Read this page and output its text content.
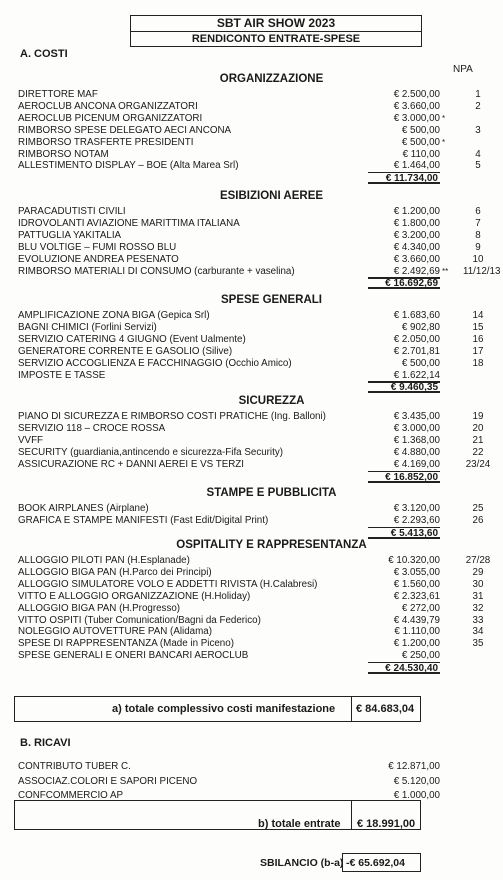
SBT AIR SHOW 2023
RENDICONTO ENTRATE-SPESE
A. COSTI
NPA
ORGANIZZAZIONE
DIRETTORE MAF	€ 2.500,00	1
AEROCLUB ANCONA ORGANIZZATORI	€ 3.660,00	2
AEROCLUB PICENUM ORGANIZZATORI	€ 3.000,00 *
RIMBORSO SPESE DELEGATO AECI ANCONA	€ 500,00	3
RIMBORSO TRASFERTE PRESIDENTI	€ 500,00 *
RIMBORSO NOTAM	€ 110,00	4
ALLESTIMENTO DISPLAY – BOE (Alta Marea Srl)	€ 1.464,00	5
€ 11.734,00
ESIBIZIONI AEREE
PARACADUTISTI CIVILI	€ 1.200,00	6
IDROVOLANTI AVIAZIONE MARITTIMA ITALIANA	€ 1.800,00	7
PATTUGLIA YAKITALIA	€ 3.200,00	8
BLU VOLTIGE – FUMI ROSSO BLU	€ 4.340,00	9
EVOLUZIONE ANDREA PESENATO	€ 3.660,00	10
RIMBORSO MATERIALI DI CONSUMO (carburante + vaselina)	€ 2.492,69 ** 11/12/13
€ 16.692,69
SPESE GENERALI
AMPLIFICAZIONE ZONA BIGA (Gepica Srl)	€ 1.683,60	14
BAGNI CHIMICI (Forlini Servizi)	€ 902,80	15
SERVIZIO CATERING 4 GIUGNO (Event Ualmente)	€ 2.050,00	16
GENERATORE CORRENTE E GASOLIO (Silive)	€ 2.701,81	17
SERVIZIO ACCOGLIENZA E FACCHINAGGIO (Occhio Amico)	€ 500,00	18
IMPOSTE E TASSE	€ 1.622,14
€ 9.460,35
SICUREZZA
PIANO DI SICUREZZA E RIMBORSO COSTI PRATICHE (Ing. Balloni)	€ 3.435,00	19
SERVIZIO 118 – CROCE ROSSA	€ 3.000,00	20
VVFF	€ 1.368,00	21
SECURITY (guardiania,antincendo e sicurezza-Fifa Security)	€ 4.880,00	22
ASSICURAZIONE RC + DANNI AEREI E VS TERZI	€ 4.169,00	23/24
€ 16.852,00
STAMPE E PUBBLICITA
BOOK AIRPLANES (Airplane)	€ 3.120,00	25
GRAFICA E STAMPE MANIFESTI (Fast Edit/Digital Print)	€ 2.293,60	26
€ 5.413,60
OSPITALITY E RAPPRESENTANZA
ALLOGGIO PILOTI PAN (H.Esplanade)	€ 10.320,00	27/28
ALLOGGIO BIGA PAN (H.Parco dei Principi)	€ 3.055,00	29
ALLOGGIO SIMULATORE VOLO E ADDETTI RIVISTA (H.Calabresi)	€ 1.560,00	30
VITTO E ALLOGGIO ORGANIZZAZIONE (H.Holiday)	€ 2.323,61	31
ALLOGGIO BIGA PAN (H.Progresso)	€ 272,00	32
VITTO OSPITI (Tuber Comunication/Bagni da Federico)	€ 4.439,79	33
NOLEGGIO AUTOVETTURE PAN (Alidama)	€ 1.110,00	34
SPESE DI RAPPRESENTANZA (Made in Piceno)	€ 1.200,00	35
SPESE GENERALI E ONERI BANCARI AEROCLUB	€ 250,00
€ 24.530,40
a) totale complessivo costi manifestazione € 84.683,04
B. RICAVI
CONTRIBUTO TUBER C.	€ 12.871,00
ASSOCIAZ.COLORI E SAPORI PICENO	€ 5.120,00
CONFCOMMERCIO AP	€ 1.000,00
b) totale entrate € 18.991,00
SBILANCIO (b-a) -€ 65.692,04
